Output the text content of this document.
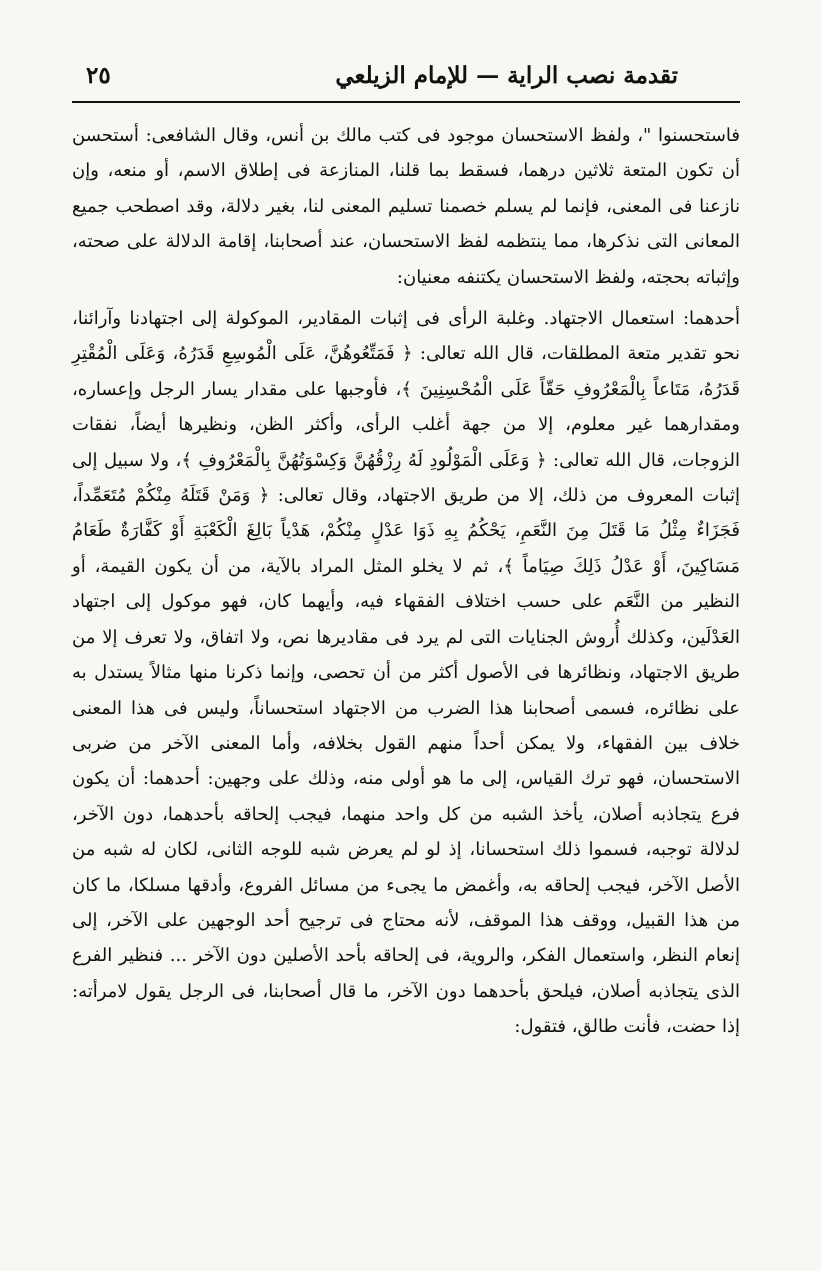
تقدمة نصب الراية — للإمام الزيلعي
٢٥

فاستحسنوا "، ولفظ الاستحسان موجود فى كتب مالك بن أنس، وقال الشافعى: أستحسن أن تكون المتعة ثلاثين درهما، فسقط بما قلنا، المنازعة فى إطلاق الاسم، أو منعه، وإن نازعنا فى المعنى، فإنما لم يسلم خصمنا تسليم المعنى لنا، بغير دلالة، وقد اصطحب جميع المعانى التى نذكرها، مما ينتظمه لفظ الاستحسان، عند أصحابنا، إقامة الدلالة على صحته، وإثباته بحجته، ولفظ الاستحسان يكتنفه معنيان:

أحدهما: استعمال الاجتهاد. وغلبة الرأى فى إثبات المقادير، الموكولة إلى اجتهادنا وآرائنا، نحو تقدير متعة المطلقات، قال الله تعالى: ﴿ فَمَتِّعُوهُنَّ، عَلَى الْمُوسِعِ قَدَرُهُ، وَعَلَى الْمُقْتِرِ قَدَرُهُ، مَتَاعاً بِالْمَعْرُوفِ حَقّاً عَلَى الْمُحْسِنِينَ ﴾، فأوجبها على مقدار يسار الرجل وإعساره، ومقدارهما غير معلوم، إلا من جهة أغلب الرأى، وأكثر الظن، ونظيرها أيضاً، نفقات الزوجات، قال الله تعالى: ﴿ وَعَلَى الْمَوْلُودِ لَهُ رِزْقُهُنَّ وَكِسْوَتُهُنَّ بِالْمَعْرُوفِ ﴾، ولا سبيل إلى إثبات المعروف من ذلك، إلا من طريق الاجتهاد، وقال تعالى: ﴿ وَمَنْ قَتَلَهُ مِنْكُمْ مُتَعَمِّداً، فَجَزَاءٌ مِثْلُ مَا قَتَلَ مِنَ النَّعَمِ، يَحْكُمُ بِهِ ذَوَا عَدْلٍ مِنْكُمْ، هَدْياً بَالِغَ الْكَعْبَةِ أَوْ كَفَّارَةٌ طَعَامُ مَسَاكِينَ، أَوْ عَدْلُ ذَلِكَ صِيَاماً ﴾، ثم لا يخلو المثل المراد بالآية، من أن يكون القيمة، أو النظير من النَّعَم على حسب اختلاف الفقهاء فيه، وأيهما كان، فهو موكول إلى اجتهاد العَدْلَين، وكذلك أُروش الجنايات التى لم يرد فى مقاديرها نص، ولا اتفاق، ولا تعرف إلا من طريق الاجتهاد، ونظائرها فى الأصول أكثر من أن تحصى، وإنما ذكرنا منها مثالاً يستدل به على نظائره، فسمى أصحابنا هذا الضرب من الاجتهاد استحساناً، وليس فى هذا المعنى خلاف بين الفقهاء، ولا يمكن أحداً منهم القول بخلافه، وأما المعنى الآخر من ضربى الاستحسان، فهو ترك القياس، إلى ما هو أولى منه، وذلك على وجهين: أحدهما: أن يكون فرع يتجاذبه أصلان، يأخذ الشبه من كل واحد منهما، فيجب إلحاقه بأحدهما، دون الآخر، لدلالة توجبه، فسموا ذلك استحسانا، إذ لو لم يعرض شبه للوجه الثانى، لكان له شبه من الأصل الآخر، فيجب إلحاقه به، وأغمض ما يجىء من مسائل الفروع، وأدقها مسلكا، ما كان من هذا القبيل، ووقف هذا الموقف، لأنه محتاج فى ترجيح أحد الوجهين على الآخر، إلى إنعام النظر، واستعمال الفكر، والروية، فى إلحاقه بأحد الأصلين دون الآخر ... فنظير الفرع الذى يتجاذبه أصلان، فيلحق بأحدهما دون الآخر، ما قال أصحابنا، فى الرجل يقول لامرأته: إذا حضت، فأنت طالق، فتقول:
